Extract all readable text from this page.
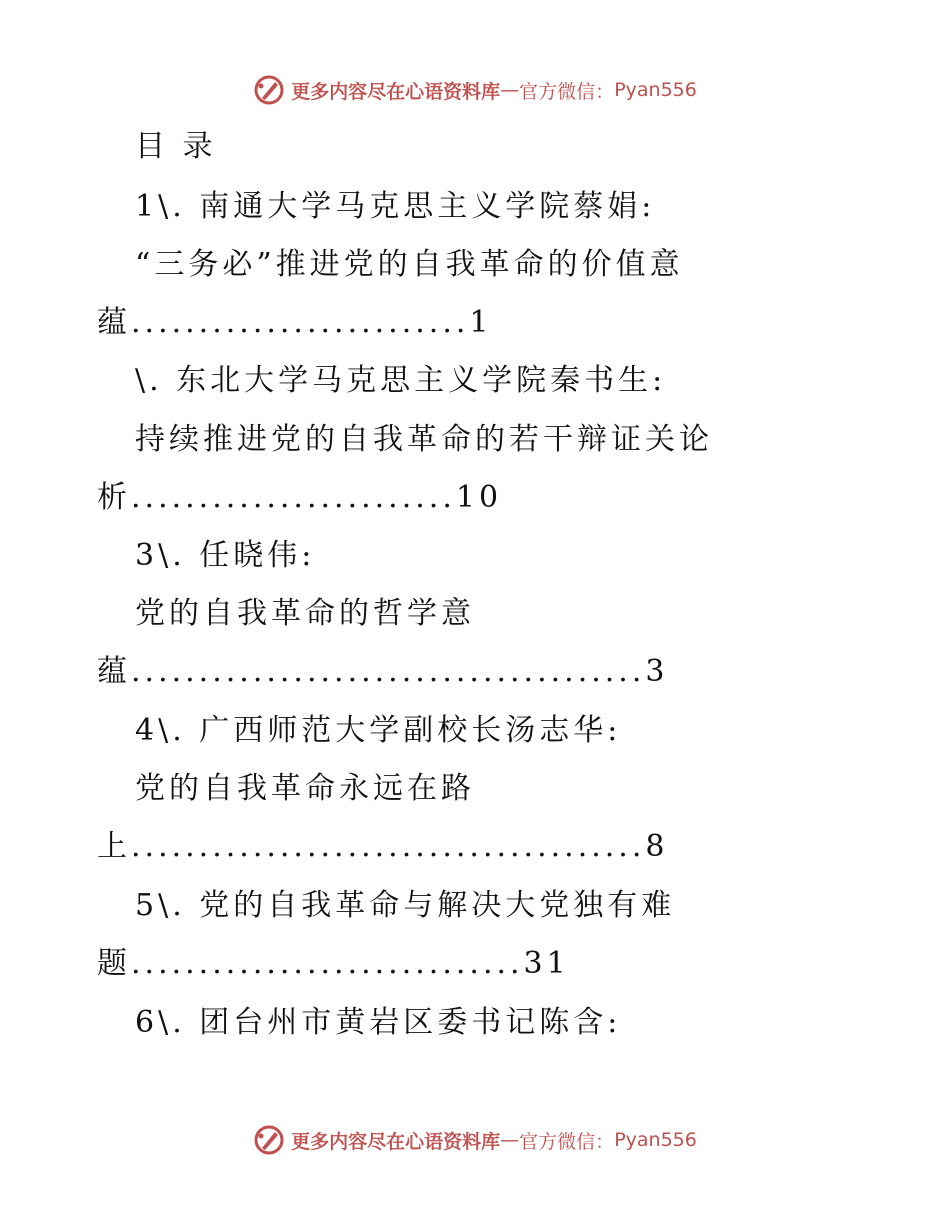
更多内容尽在心语资料库 — 官方微信： Pyan556
目 录
1\. 南通大学马克思主义学院蔡娟:
“三务必”推进党的自我革命的价值意
蕴.........................1
\. 东北大学马克思主义学院秦书生:
持续推进党的自我革命的若干辩证关论
析........................10
3\. 任晓伟:
党的自我革命的哲学意
蕴......................................3
4\. 广西师范大学副校长汤志华:
党的自我革命永远在路
上......................................8
5\. 党的自我革命与解决大党独有难
题.............................31
6\. 团台州市黄岩区委书记陈含:
更多内容尽在心语资料库 — 官方微信： Pyan556
